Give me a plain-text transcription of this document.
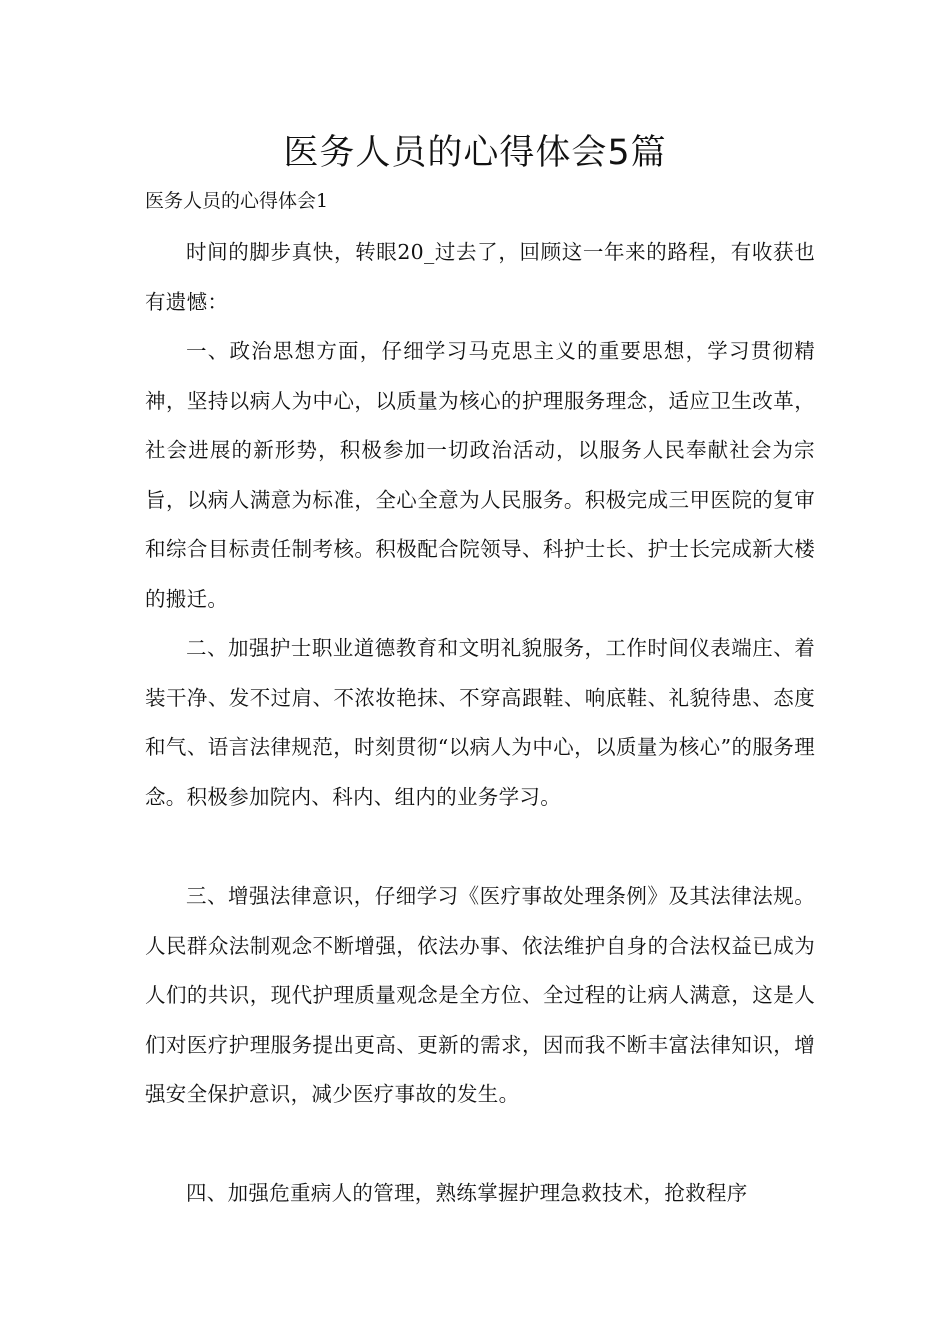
医务人员的心得体会5篇

医务人员的心得体会1

时间的脚步真快，转眼20_过去了，回顾这一年来的路程，有收获也有遗憾：

一、政治思想方面，仔细学习马克思主义的重要思想，学习贯彻精神，坚持以病人为中心，以质量为核心的护理服务理念，适应卫生改革，社会进展的新形势，积极参加一切政治活动，以服务人民奉献社会为宗旨，以病人满意为标准，全心全意为人民服务。积极完成三甲医院的复审和综合目标责任制考核。积极配合院领导、科护士长、护士长完成新大楼的搬迁。

二、加强护士职业道德教育和文明礼貌服务，工作时间仪表端庄、着装干净、发不过肩、不浓妆艳抹、不穿高跟鞋、响底鞋、礼貌待患、态度和气、语言法律规范，时刻贯彻“以病人为中心，以质量为核心”的服务理念。积极参加院内、科内、组内的业务学习。

三、增强法律意识，仔细学习《医疗事故处理条例》及其法律法规。人民群众法制观念不断增强，依法办事、依法维护自身的合法权益已成为人们的共识，现代护理质量观念是全方位、全过程的让病人满意，这是人们对医疗护理服务提出更高、更新的需求，因而我不断丰富法律知识，增强安全保护意识，减少医疗事故的发生。

四、加强危重病人的管理，熟练掌握护理急救技术，抢救程序
